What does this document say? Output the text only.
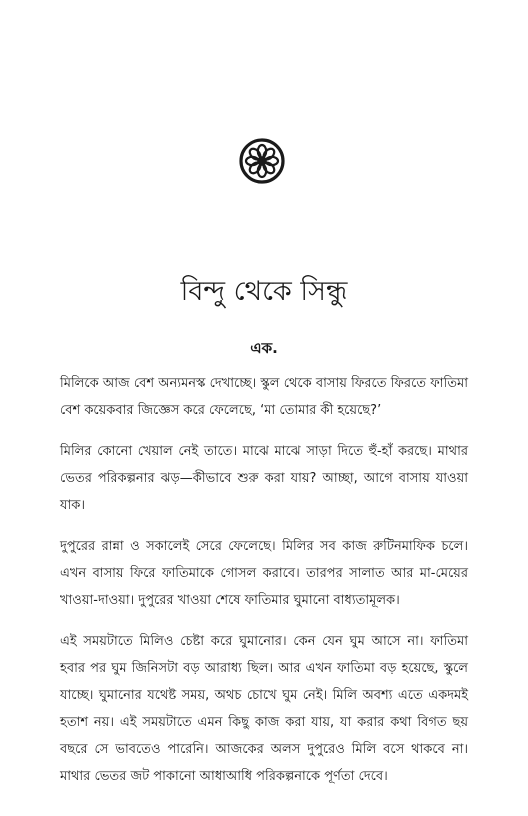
বিন্দু থেকে সিন্ধু
এক.

মিলিকে আজ বেশ অন্যমনস্ক দেখাচ্ছে। স্কুল থেকে বাসায় ফিরতে ফিরতে ফাতিমা বেশ কয়েকবার জিজ্ঞেস করে ফেলেছে, ‘মা তোমার কী হয়েছে?’

মিলির কোনো খেয়াল নেই তাতে। মাঝে মাঝে সাড়া দিতে হুঁ-হাঁ করছে। মাথার ভেতর পরিকল্পনার ঝড়—কীভাবে শুরু করা যায়? আচ্ছা, আগে বাসায় যাওয়া যাক।

দুপুরের রান্না ও সকালেই সেরে ফেলেছে। মিলির সব কাজ রুটিনমাফিক চলে। এখন বাসায় ফিরে ফাতিমাকে গোসল করাবে। তারপর সালাত আর মা-মেয়ের খাওয়া-দাওয়া। দুপুরের খাওয়া শেষে ফাতিমার ঘুমানো বাধ্যতামূলক।

এই সময়টাতে মিলিও চেষ্টা করে ঘুমানোর। কেন যেন ঘুম আসে না। ফাতিমা হবার পর ঘুম জিনিসটা বড় আরাধ্য ছিল। আর এখন ফাতিমা বড় হয়েছে, স্কুলে যাচ্ছে। ঘুমানোর যথেষ্ট সময়, অথচ চোখে ঘুম নেই। মিলি অবশ্য এতে একদমই হতাশ নয়। এই সময়টাতে এমন কিছু কাজ করা যায়, যা করার কথা বিগত ছয় বছরে সে ভাবতেও পারেনি। আজকের অলস দুপুরেও মিলি বসে থাকবে না। মাথার ভেতর জট পাকানো আধাআধি পরিকল্পনাকে পূর্ণতা দেবে।
